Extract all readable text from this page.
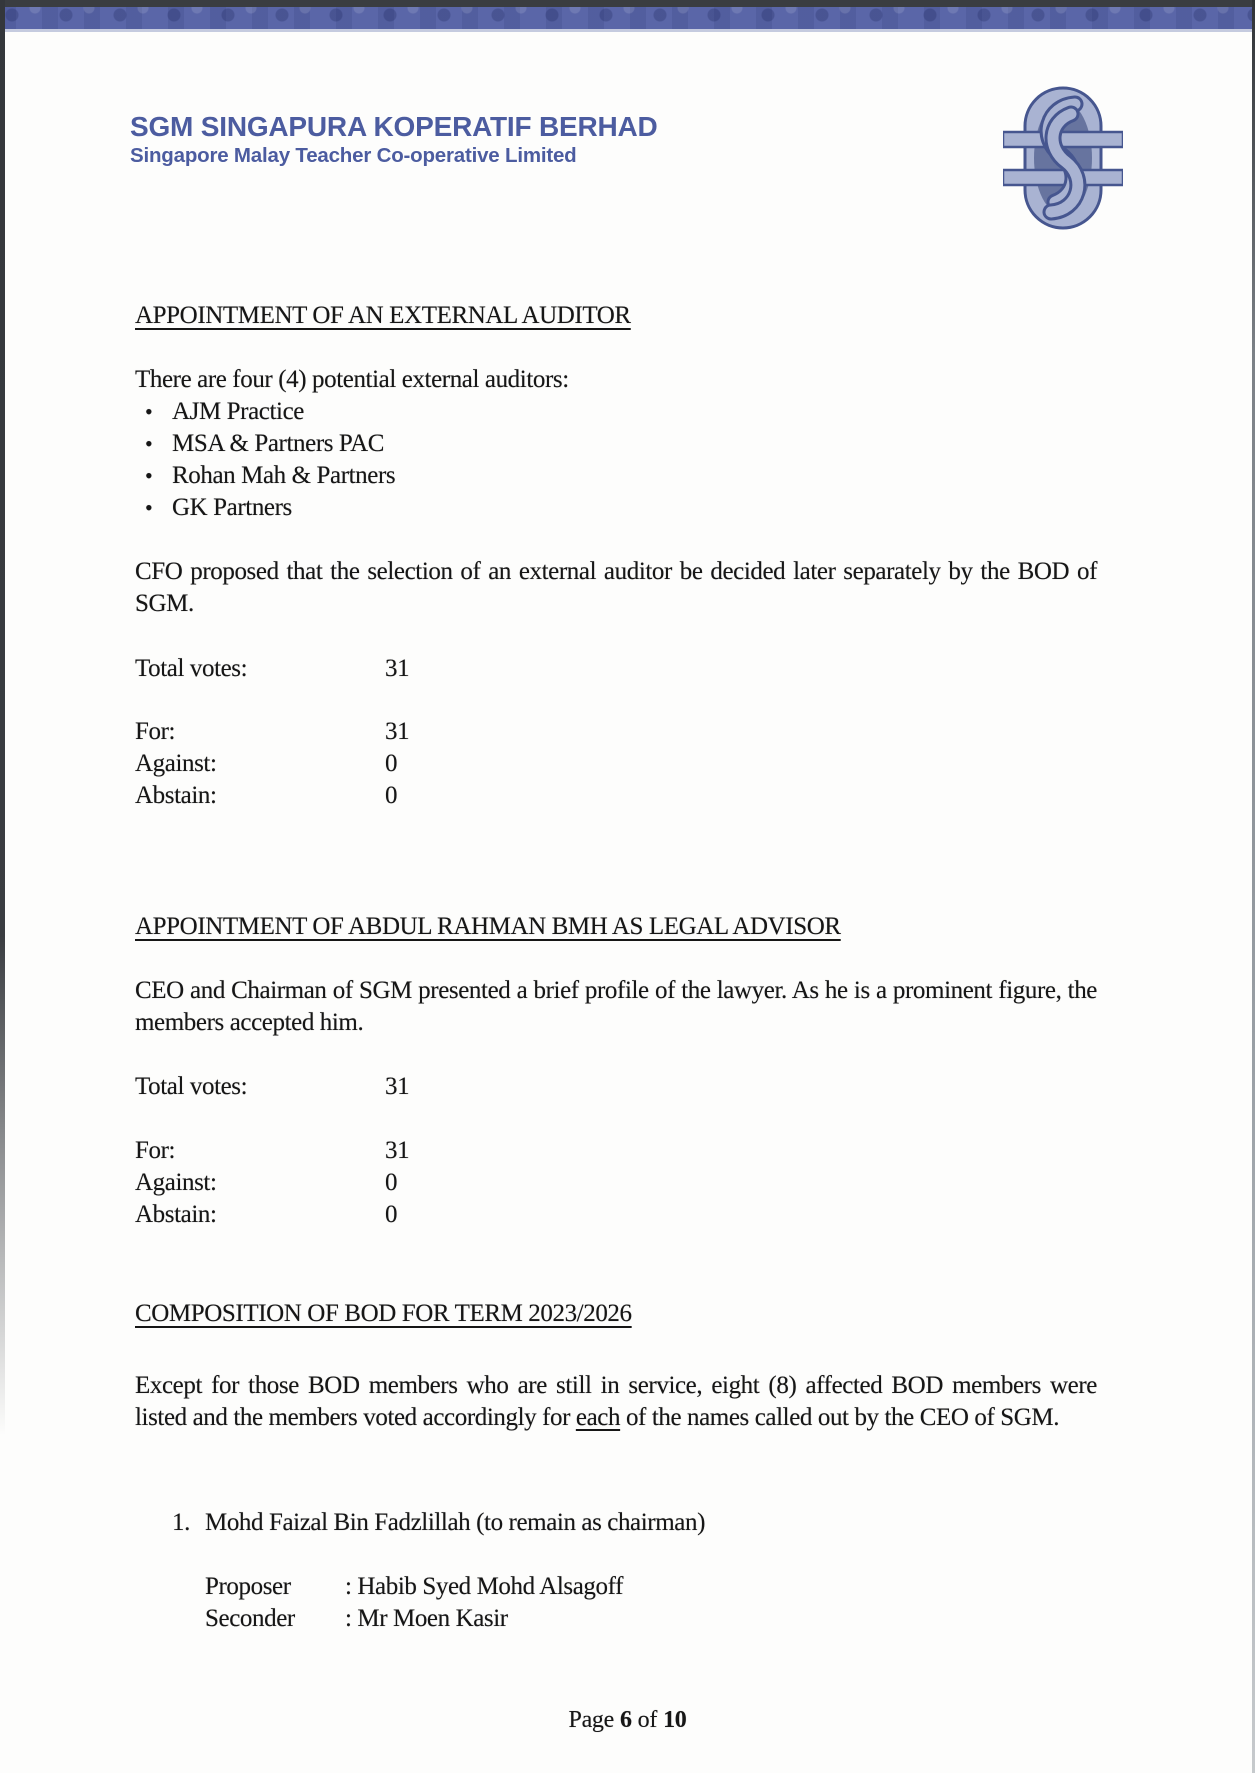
SGM SINGAPURA KOPERATIF BERHAD
Singapore Malay Teacher Co-operative Limited
APPOINTMENT OF AN EXTERNAL AUDITOR
There are four (4) potential external auditors:
• AJM Practice
• MSA & Partners PAC
• Rohan Mah & Partners
• GK Partners
CFO proposed that the selection of an external auditor be decided later separately by the BOD of SGM.
Total votes:	31
For:	31
Against:	0
Abstain:	0
APPOINTMENT OF ABDUL RAHMAN BMH AS LEGAL ADVISOR
CEO and Chairman of SGM presented a brief profile of the lawyer. As he is a prominent figure, the members accepted him.
Total votes:	31
For:	31
Against:	0
Abstain:	0
COMPOSITION OF BOD FOR TERM 2023/2026
Except for those BOD members who are still in service, eight (8) affected BOD members were listed and the members voted accordingly for each of the names called out by the CEO of SGM.
1. Mohd Faizal Bin Fadzlillah (to remain as chairman)
Proposer : Habib Syed Mohd Alsagoff
Seconder : Mr Moen Kasir
Page 6 of 10
